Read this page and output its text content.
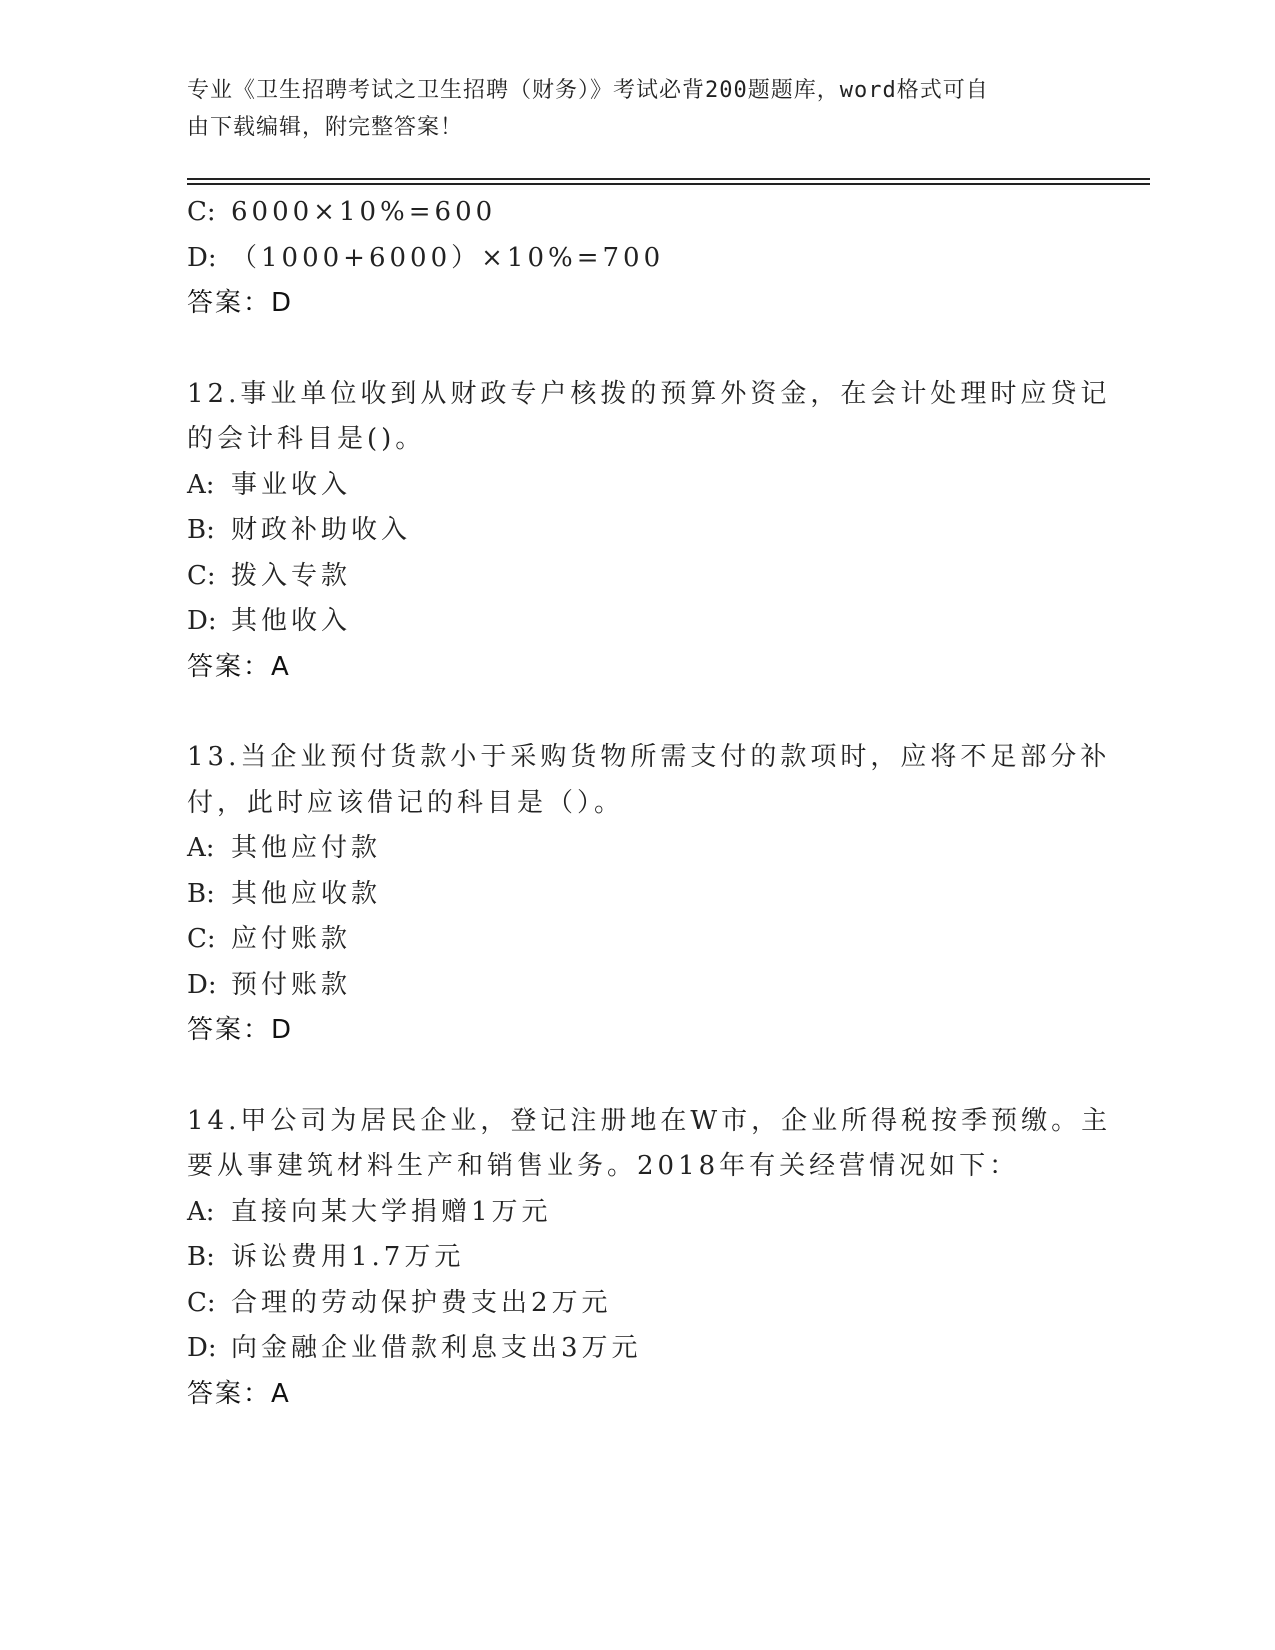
专业《卫生招聘考试之卫生招聘（财务）》考试必背200题题库，word格式可自
由下载编辑，附完整答案！
C: 6000×10%=600
D: （1000+6000）×10%=700
答案：D
12.事业单位收到从财政专户核拨的预算外资金，在会计处理时应贷记
的会计科目是()。
A: 事业收入
B: 财政补助收入
C: 拨入专款
D: 其他收入
答案：A
13.当企业预付货款小于采购货物所需支付的款项时，应将不足部分补
付，此时应该借记的科目是（）。
A: 其他应付款
B: 其他应收款
C: 应付账款
D: 预付账款
答案：D
14.甲公司为居民企业，登记注册地在W市，企业所得税按季预缴。主
要从事建筑材料生产和销售业务。2018年有关经营情况如下：
A: 直接向某大学捐赠1万元
B: 诉讼费用1.7万元
C: 合理的劳动保护费支出2万元
D: 向金融企业借款利息支出3万元
答案：A
